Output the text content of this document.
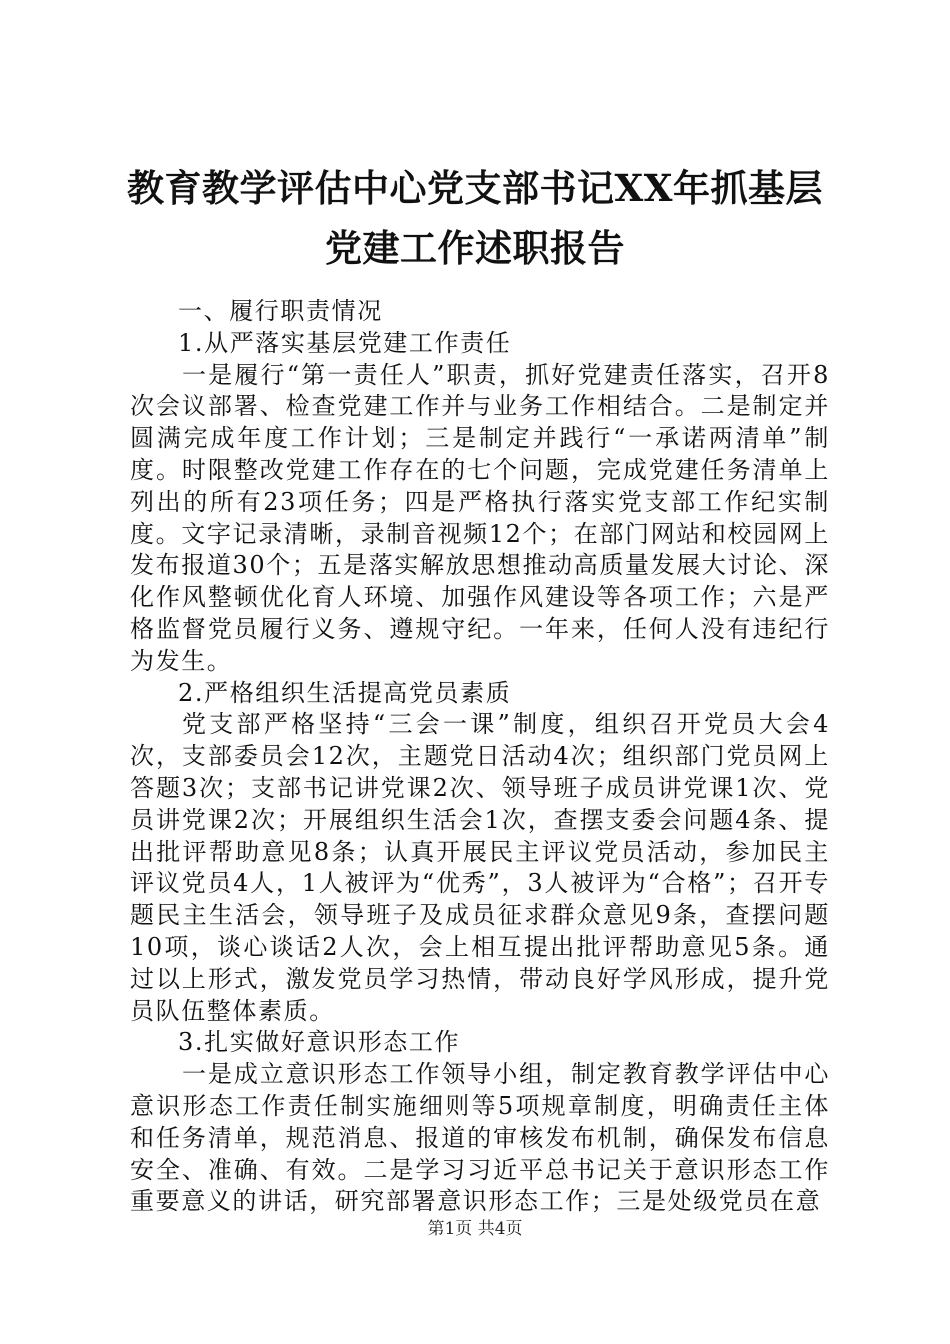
教育教学评估中心党支部书记XX年抓基层党建工作述职报告

一、履行职责情况

1.从严落实基层党建工作责任

一是履行“第一责任人”职责，抓好党建责任落实，召开8次会议部署、检查党建工作并与业务工作相结合。二是制定并圆满完成年度工作计划；三是制定并践行“一承诺两清单”制度。时限整改党建工作存在的七个问题，完成党建任务清单上列出的所有23项任务；四是严格执行落实党支部工作纪实制度。文字记录清晰，录制音视频12个；在部门网站和校园网上发布报道30个；五是落实解放思想推动高质量发展大讨论、深化作风整顿优化育人环境、加强作风建设等各项工作；六是严格监督党员履行义务、遵规守纪。一年来，任何人没有违纪行为发生。

2.严格组织生活提高党员素质

党支部严格坚持“三会一课”制度，组织召开党员大会4次，支部委员会12次，主题党日活动4次；组织部门党员网上答题3次；支部书记讲党课2次、领导班子成员讲党课1次、党员讲党课2次；开展组织生活会1次，查摆支委会问题4条、提出批评帮助意见8条；认真开展民主评议党员活动，参加民主评议党员4人，1人被评为“优秀”，3人被评为“合格”；召开专题民主生活会，领导班子及成员征求群众意见9条，查摆问题10项，谈心谈话2人次，会上相互提出批评帮助意见5条。通过以上形式，激发党员学习热情，带动良好学风形成，提升党员队伍整体素质。

3.扎实做好意识形态工作

一是成立意识形态工作领导小组，制定教育教学评估中心意识形态工作责任制实施细则等5项规章制度，明确责任主体和任务清单，规范消息、报道的审核发布机制，确保发布信息安全、准确、有效。二是学习习近平总书记关于意识形态工作重要意义的讲话，研究部署意识形态工作；三是处级党员在意

第1页 共4页
